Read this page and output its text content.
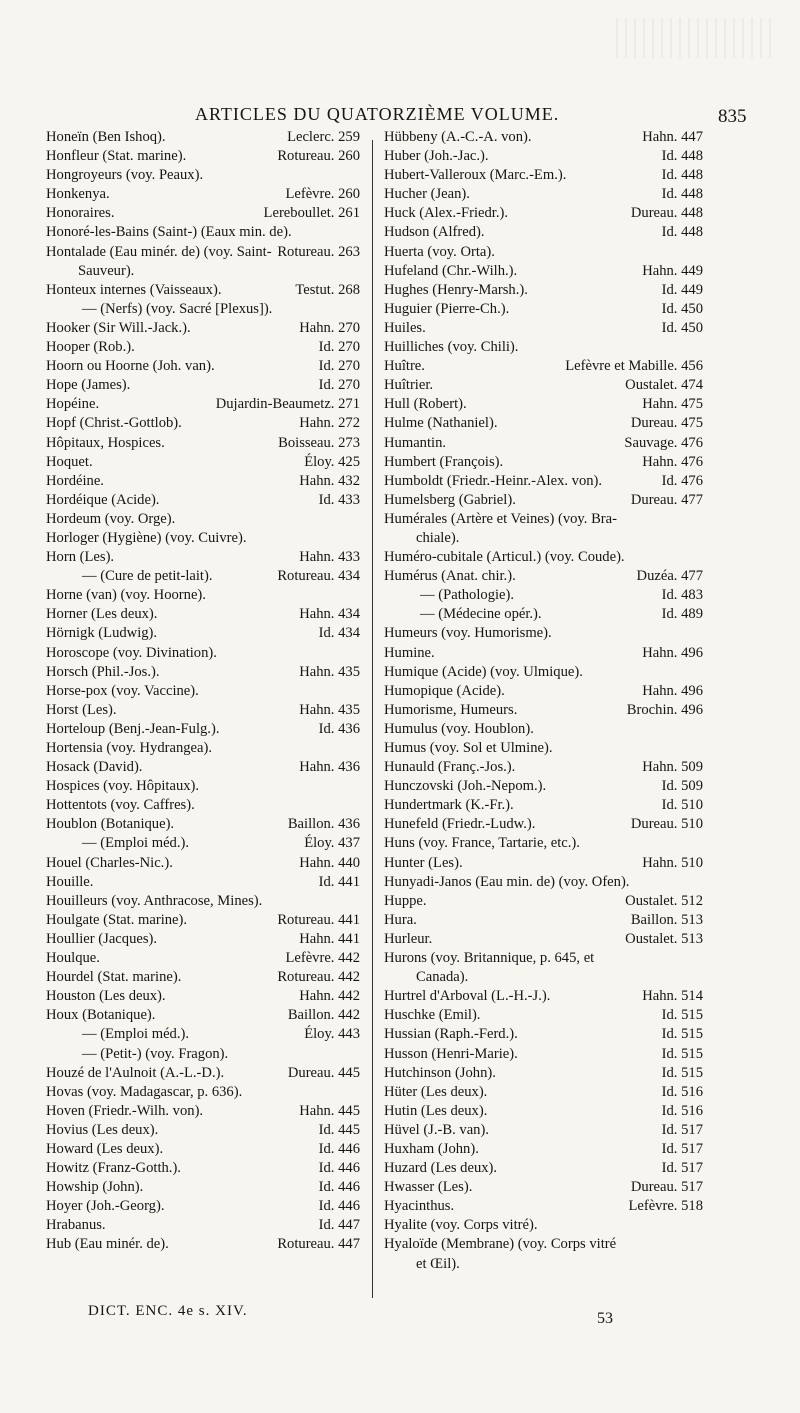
ARTICLES DU QUATORZIÈME VOLUME.	835
Leclerc. 259
Honeïn (Ben Ishoq).
Rotureau. 260
Honfleur (Stat. marine).
Hongroyeurs (voy. Peaux).
Lefèvre. 260
Honkenya.
Lereboullet. 261
Honoraires.
Honoré-les-Bains (Saint-) (Eaux min. de).
Rotureau. 263
Hontalade (Eau minér. de) (voy. Saint-
Sauveur).
Testut. 268
Honteux internes (Vaisseaux).
— (Nerfs) (voy. Sacré [Plexus]).
Hahn. 270
Hooker (Sir Will.-Jack.).
Id. 270
Hooper (Rob.).
Id. 270
Hoorn ou Hoorne (Joh. van).
Id. 270
Hope (James).
Dujardin-Beaumetz. 271
Hopéine.
Hahn. 272
Hopf (Christ.-Gottlob).
Boisseau. 273
Hôpitaux, Hospices.
Éloy. 425
Hoquet.
Hahn. 432
Hordéine.
Id. 433
Hordéique (Acide).
Hordeum (voy. Orge).
Horloger (Hygiène) (voy. Cuivre).
Hahn. 433
Horn (Les).
Rotureau. 434
— (Cure de petit-lait).
Horne (van) (voy. Hoorne).
Hahn. 434
Horner (Les deux).
Id. 434
Hörnigk (Ludwig).
Horoscope (voy. Divination).
Hahn. 435
Horsch (Phil.-Jos.).
Horse-pox (voy. Vaccine).
Hahn. 435
Horst (Les).
Id. 436
Horteloup (Benj.-Jean-Fulg.).
Hortensia (voy. Hydrangea).
Hahn. 436
Hosack (David).
Hospices (voy. Hôpitaux).
Hottentots (voy. Caffres).
Baillon. 436
Houblon (Botanique).
Éloy. 437
— (Emploi méd.).
Hahn. 440
Houel (Charles-Nic.).
Id. 441
Houille.
Houilleurs (voy. Anthracose, Mines).
Rotureau. 441
Houlgate (Stat. marine).
Hahn. 441
Houllier (Jacques).
Lefèvre. 442
Houlque.
Rotureau. 442
Hourdel (Stat. marine).
Hahn. 442
Houston (Les deux).
Baillon. 442
Houx (Botanique).
Éloy. 443
— (Emploi méd.).
— (Petit-) (voy. Fragon).
Dureau. 445
Houzé de l'Aulnoit (A.-L.-D.).
Hovas (voy. Madagascar, p. 636).
Hahn. 445
Hoven (Friedr.-Wilh. von).
Id. 445
Hovius (Les deux).
Id. 446
Howard (Les deux).
Id. 446
Howitz (Franz-Gotth.).
Id. 446
Howship (John).
Id. 446
Hoyer (Joh.-Georg).
Id. 447
Hrabanus.
Rotureau. 447
Hub (Eau minér. de).
Hahn. 447
Hübbeny (A.-C.-A. von).
Id. 448
Huber (Joh.-Jac.).
Id. 448
Hubert-Valleroux (Marc.-Em.).
Id. 448
Hucher (Jean).
Dureau. 448
Huck (Alex.-Friedr.).
Id. 448
Hudson (Alfred).
Huerta (voy. Orta).
Hahn. 449
Hufeland (Chr.-Wilh.).
Id. 449
Hughes (Henry-Marsh.).
Id. 450
Huguier (Pierre-Ch.).
Id. 450
Huiles.
Huilliches (voy. Chili).
Lefèvre et Mabille. 456
Huître.
Oustalet. 474
Huîtrier.
Hahn. 475
Hull (Robert).
Dureau. 475
Hulme (Nathaniel).
Sauvage. 476
Humantin.
Hahn. 476
Humbert (François).
Id. 476
Humboldt (Friedr.-Heinr.-Alex. von).
Dureau. 477
Humelsberg (Gabriel).
Humérales (Artère et Veines) (voy. Bra-
chiale).
Huméro-cubitale (Articul.) (voy. Coude).
Duzéa. 477
Humérus (Anat. chir.).
Id. 483
— (Pathologie).
Id. 489
— (Médecine opér.).
Humeurs (voy. Humorisme).
Hahn. 496
Humine.
Humique (Acide) (voy. Ulmique).
Hahn. 496
Humopique (Acide).
Brochin. 496
Humorisme, Humeurs.
Humulus (voy. Houblon).
Humus (voy. Sol et Ulmine).
Hahn. 509
Hunauld (Franç.-Jos.).
Id. 509
Hunczovski (Joh.-Nepom.).
Id. 510
Hundertmark (K.-Fr.).
Dureau. 510
Hunefeld (Friedr.-Ludw.).
Huns (voy. France, Tartarie, etc.).
Hahn. 510
Hunter (Les).
Hunyadi-Janos (Eau min. de) (voy. Ofen).
Oustalet. 512
Huppe.
Baillon. 513
Hura.
Oustalet. 513
Hurleur.
Hurons (voy. Britannique, p. 645, et
Canada).
Hahn. 514
Hurtrel d'Arboval (L.-H.-J.).
Id. 515
Huschke (Emil).
Id. 515
Hussian (Raph.-Ferd.).
Id. 515
Husson (Henri-Marie).
Id. 515
Hutchinson (John).
Id. 516
Hüter (Les deux).
Id. 516
Hutin (Les deux).
Id. 517
Hüvel (J.-B. van).
Id. 517
Huxham (John).
Id. 517
Huzard (Les deux).
Dureau. 517
Hwasser (Les).
Lefèvre. 518
Hyacinthus.
Hyalite (voy. Corps vitré).
Hyaloïde (Membrane) (voy. Corps vitré
et Œil).
DICT. ENC. 4e s. XIV.	53
